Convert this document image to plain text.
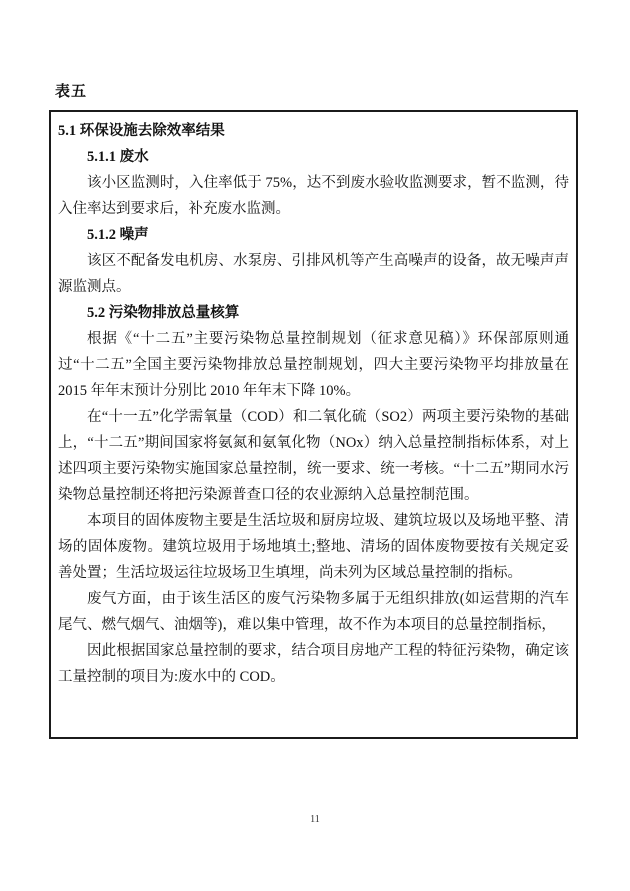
表五
5.1 环保设施去除效率结果
5.1.1 废水
该小区监测时，入住率低于 75%，达不到废水验收监测要求，暂不监测，待入住率达到要求后，补充废水监测。
5.1.2 噪声
该区不配备发电机房、水泵房、引排风机等产生高噪声的设备，故无噪声声源监测点。
5.2 污染物排放总量核算
根据《“十二五”主要污染物总量控制规划（征求意见稿）》环保部原则通过“十二五”全国主要污染物排放总量控制规划，四大主要污染物平均排放量在 2015 年年末预计分别比 2010 年年末下降 10%。
在“十一五”化学需氧量（COD）和二氧化硫（SO2）两项主要污染物的基础上，“十二五”期间国家将氨氮和氨氧化物（NOx）纳入总量控制指标体系，对上述四项主要污染物实施国家总量控制，统一要求、统一考核。“十二五”期同水污染物总量控制还将把污染源普查口径的农业源纳入总量控制范围。
本项目的固体废物主要是生活垃圾和厨房垃圾、建筑垃圾以及场地平整、清场的固体废物。建筑垃圾用于场地填土;整地、清场的固体废物要按有关规定妥善处置；生活垃圾运往垃圾场卫生填埋，尚未列为区域总量控制的指标。
废气方面，由于该生活区的废气污染物多属于无组织排放(如运营期的汽车尾气、燃气烟气、油烟等)，难以集中管理，故不作为本项目的总量控制指标，
因此根据国家总量控制的要求，结合项目房地产工程的特征污染物，确定该工量控制的项目为:废水中的 COD。
11
